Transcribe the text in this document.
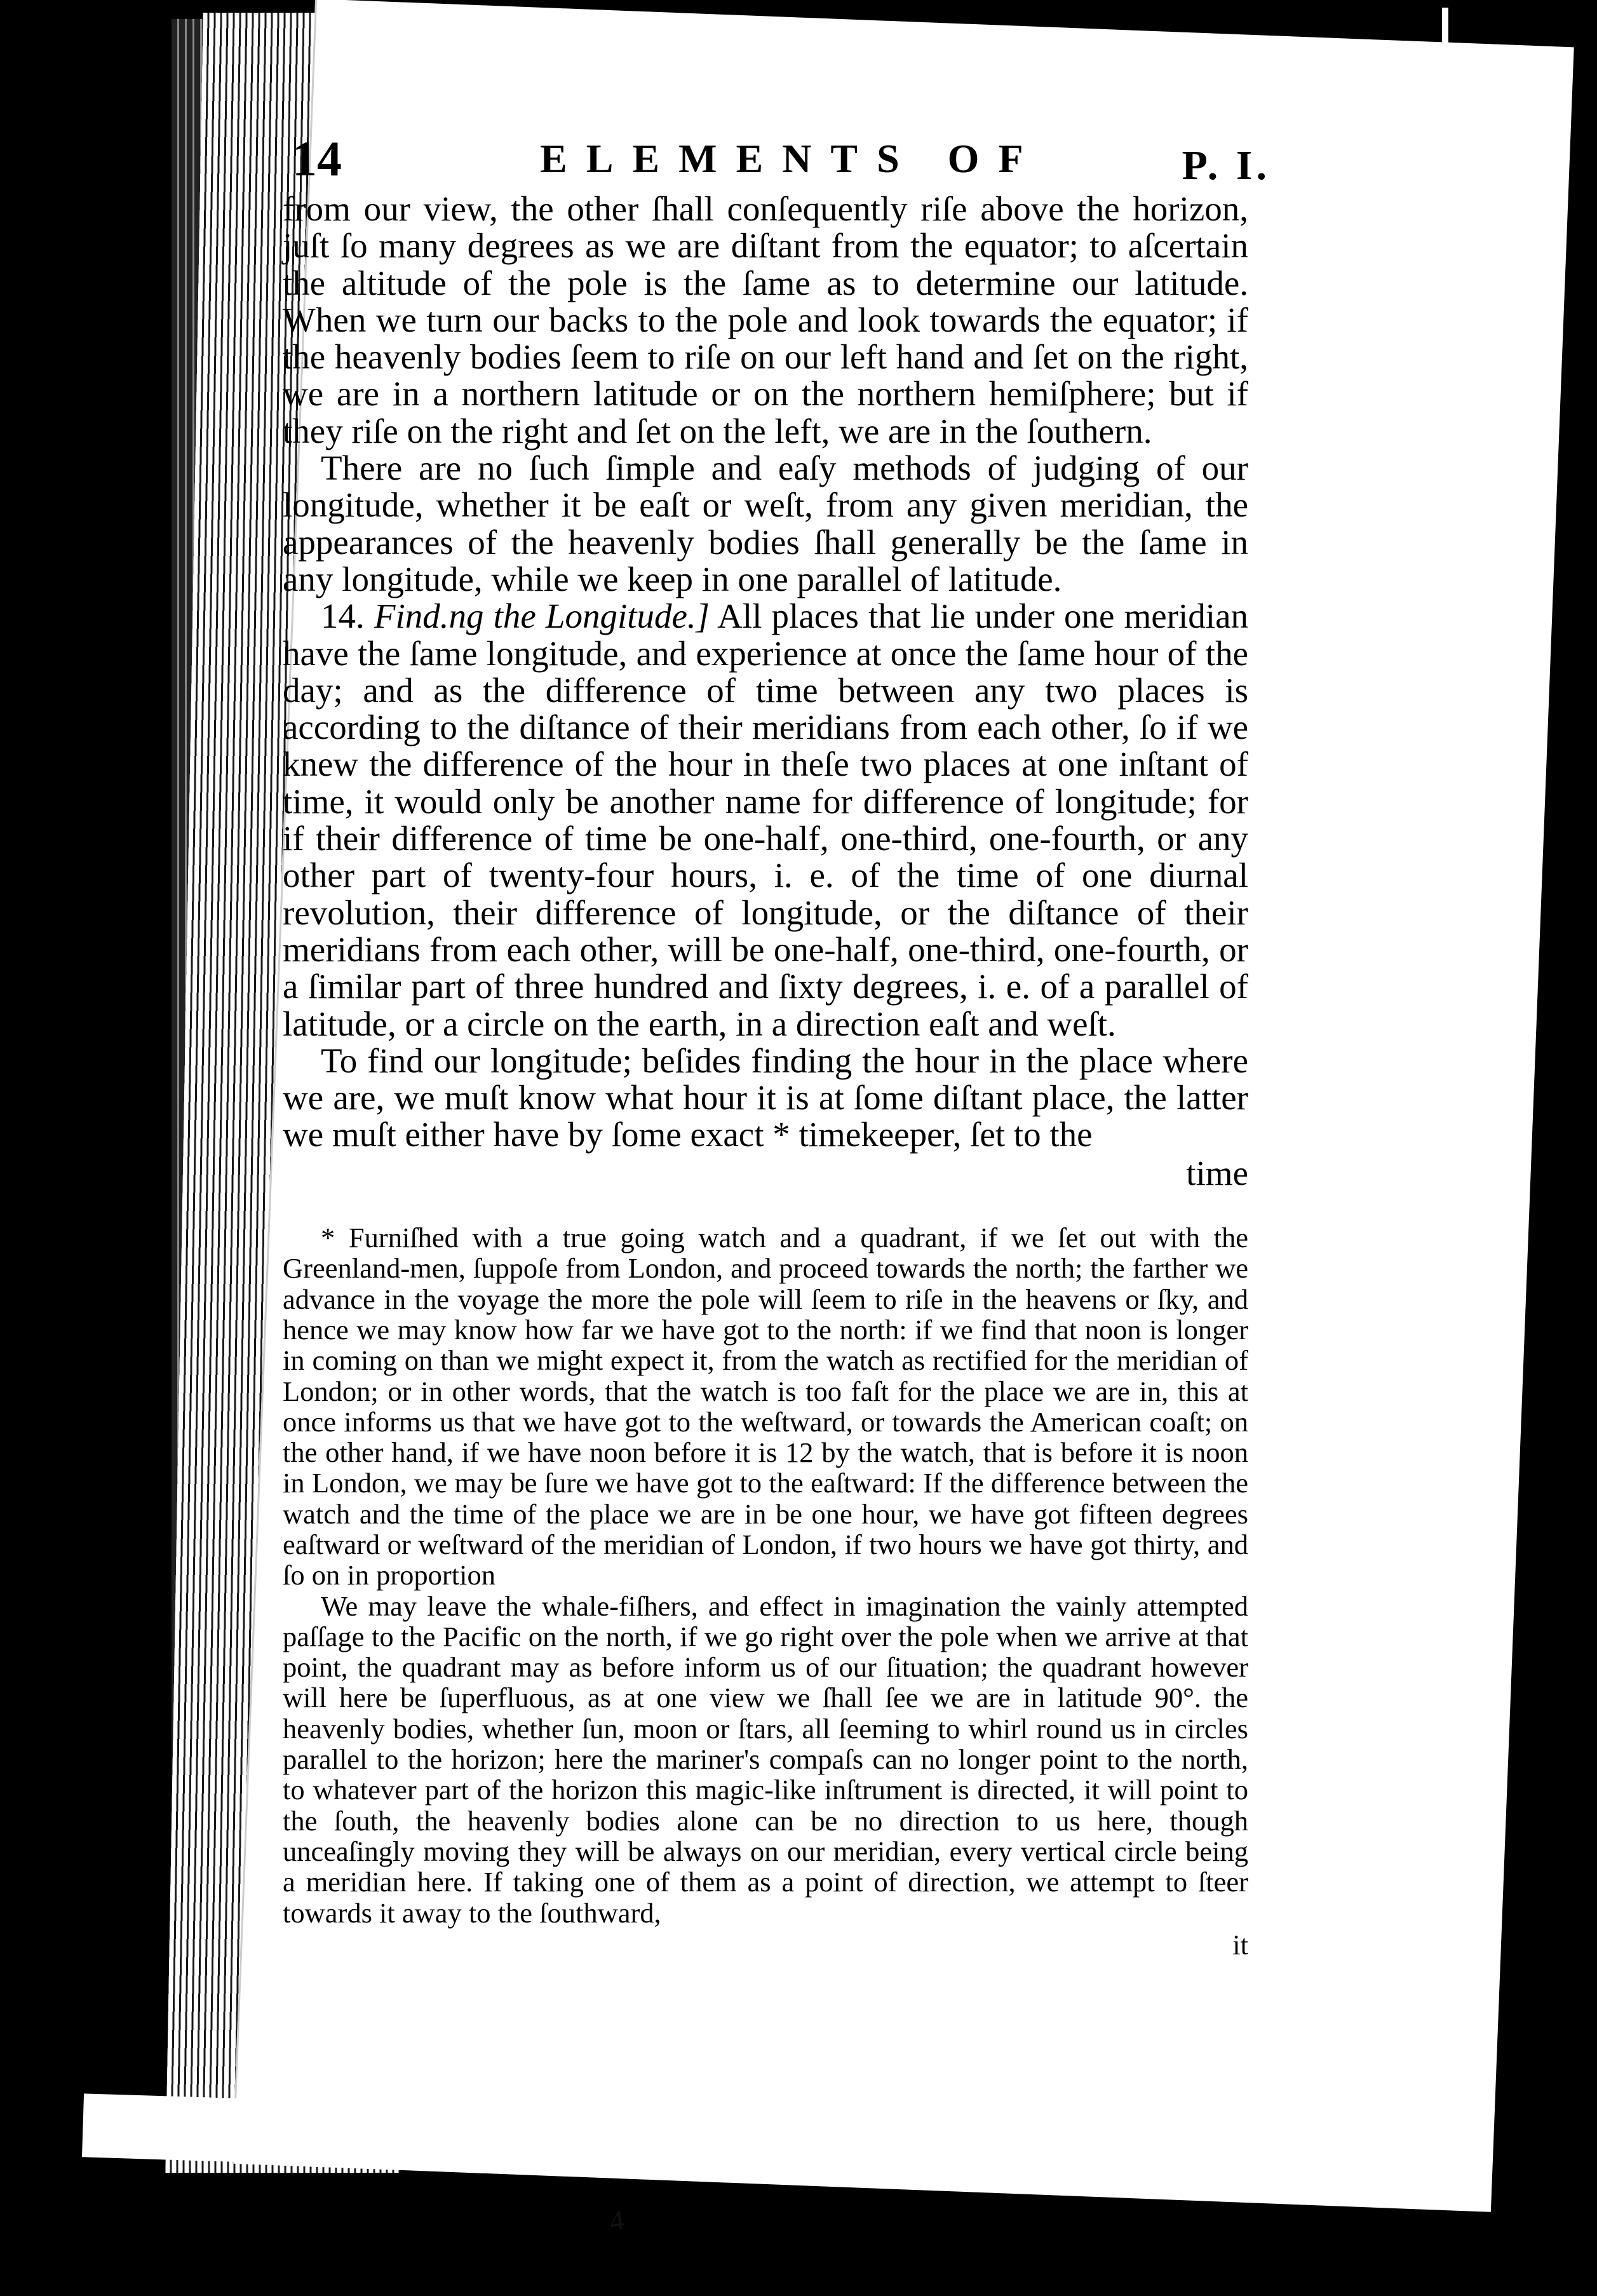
14	ELEMENTS OF	P. I.

from our view, the other ſhall conſequently riſe above the horizon, juſt ſo many degrees as we are diſtant from the equator; to aſcertain the altitude of the pole is the ſame as to determine our latitude. When we turn our backs to the pole and look towards the equator; if the heavenly bodies ſeem to riſe on our left hand and ſet on the right, we are in a northern latitude or on the northern hemiſphere; but if they riſe on the right and ſet on the left, we are in the ſouthern.

There are no ſuch ſimple and eaſy methods of judging of our longitude, whether it be eaſt or weſt, from any given meridian, the appearances of the heavenly bodies ſhall generally be the ſame in any longitude, while we keep in one parallel of latitude.

14. Find.ng the Longitude.] All places that lie under one meridian have the ſame longitude, and experience at once the ſame hour of the day; and as the difference of time between any two places is according to the diſtance of their meridians from each other, ſo if we knew the difference of the hour in theſe two places at one inſtant of time, it would only be another name for difference of longitude; for if their difference of time be one-half, one-third, one-fourth, or any other part of twenty-four hours, i. e. of the time of one diurnal revolution, their difference of longitude, or the diſtance of their meridians from each other, will be one-half, one-third, one-fourth, or a ſimilar part of three hundred and ſixty degrees, i. e. of a parallel of latitude, or a circle on the earth, in a direction eaſt and weſt.

To find our longitude; beſides finding the hour in the place where we are, we muſt know what hour it is at ſome diſtant place, the latter we muſt either have by ſome exact * timekeeper, ſet to the

time

* Furniſhed with a true going watch and a quadrant, if we ſet out with the Greenland-men, ſuppoſe from London, and proceed towards the north; the farther we advance in the voyage the more the pole will ſeem to riſe in the heavens or ſky, and hence we may know how far we have got to the north: if we find that noon is longer in coming on than we might expect it, from the watch as rectified for the meridian of London; or in other words, that the watch is too faſt for the place we are in, this at once informs us that we have got to the weſtward, or towards the American coaſt; on the other hand, if we have noon before it is 12 by the watch, that is before it is noon in London, we may be ſure we have got to the eaſtward: If the difference between the watch and the time of the place we are in be one hour, we have got fifteen degrees eaſtward or weſtward of the meridian of London, if two hours we have got thirty, and ſo on in proportion

We may leave the whale-fiſhers, and effect in imagination the vainly attempted paſſage to the Pacific on the north, if we go right over the pole when we arrive at that point, the quadrant may as before inform us of our ſituation; the quadrant however will here be ſuperfluous, as at one view we ſhall ſee we are in latitude 90°. the heavenly bodies, whether ſun, moon or ſtars, all ſeeming to whirl round us in circles parallel to the horizon; here the mariner's compaſs can no longer point to the north, to whatever part of the horizon this magic-like inſtrument is directed, it will point to the ſouth, the heavenly bodies alone can be no direction to us here, though unceaſingly moving they will be always on our meridian, every vertical circle being a meridian here. If taking one of them as a point of direction, we attempt to ſteer towards it away to the ſouthward,

it

4
